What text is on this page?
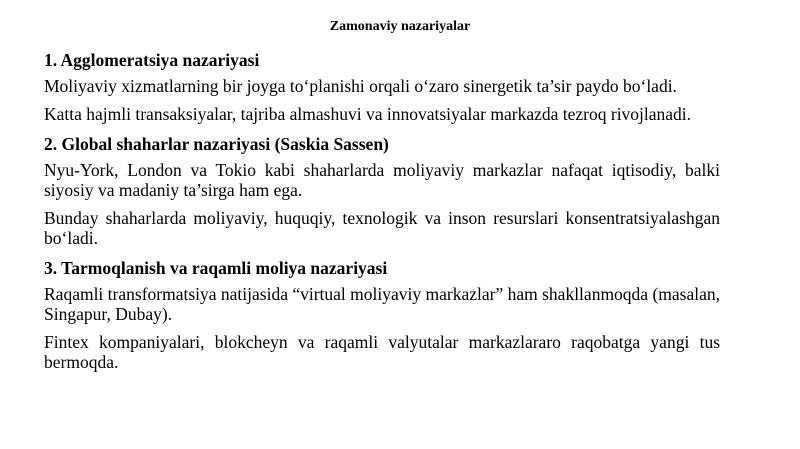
Zamonaviy nazariyalar
1. Agglomeratsiya nazariyasi

Moliyaviy xizmatlarning bir joyga to‘planishi orqali o‘zaro sinergetik ta’sir paydo bo‘ladi.

Katta hajmli transaksiyalar, tajriba almashuvi va innovatsiyalar markazda tezroq rivojlanadi.

2. Global shaharlar nazariyasi (Saskia Sassen)

Nyu-York, London va Tokio kabi shaharlarda moliyaviy markazlar nafaqat iqtisodiy, balki siyosiy va madaniy ta’sirga ham ega.

Bunday shaharlarda moliyaviy, huquqiy, texnologik va inson resurslari konsentratsiyalashgan bo‘ladi.

3. Tarmoqlanish va raqamli moliya nazariyasi

Raqamli transformatsiya natijasida “virtual moliyaviy markazlar” ham shakllanmoqda (masalan, Singapur, Dubay).

Fintex kompaniyalari, blokcheyn va raqamli valyutalar markazlararo raqobatga yangi tus bermoqda.
